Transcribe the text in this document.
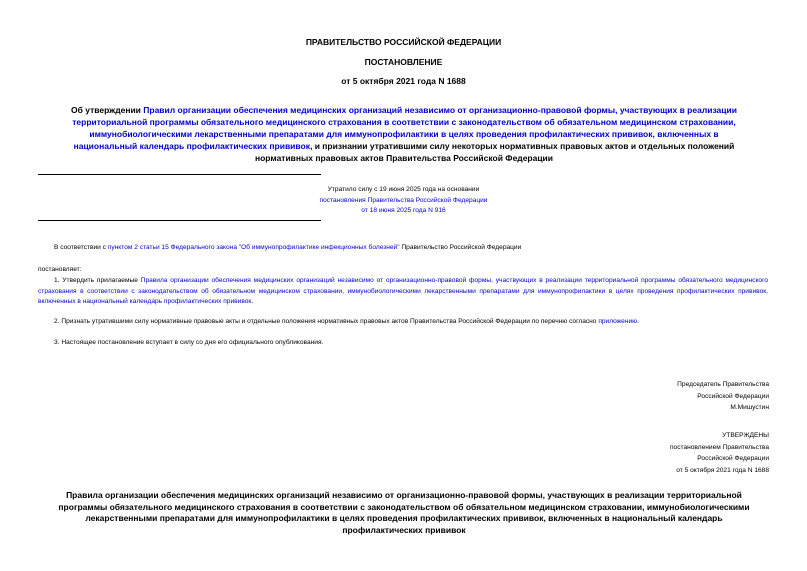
ПРАВИТЕЛЬСТВО РОССИЙСКОЙ ФЕДЕРАЦИИ
ПОСТАНОВЛЕНИЕ
от 5 октября 2021 года N 1688
Об утверждении Правил организации обеспечения медицинских организаций независимо от организационно-правовой формы, участвующих в реализации территориальной программы обязательного медицинского страхования в соответствии с законодательством об обязательном медицинском страховании, иммунобиологическими лекарственными препаратами для иммунопрофилактики в целях проведения профилактических прививок, включенных в национальный календарь профилактических прививок, и признании утратившими силу некоторых нормативных правовых актов и отдельных положений нормативных правовых актов Правительства Российской Федерации
Утратило силу с 19 июня 2025 года на основании
постановления Правительства Российской Федерации
от 18 июня 2025 года N 916
В соответствии с пунктом 2 статьи 15 Федерального закона "Об иммунопрофилактике инфекционных болезней" Правительство Российской Федерации
постановляет:
1. Утвердить прилагаемые Правила организации обеспечения медицинских организаций независимо от организационно-правовой формы, участвующих в реализации территориальной программы обязательного медицинского страхования в соответствии с законодательством об обязательном медицинском страховании, иммунобиологическими лекарственными препаратами для иммунопрофилактики в целях проведения профилактических прививок, включенных в национальный календарь профилактических прививок.
2. Признать утратившими силу нормативные правовые акты и отдельные положения нормативных правовых актов Правительства Российской Федерации по перечню согласно приложению.
3. Настоящее постановление вступает в силу со дня его официального опубликования.
Председатель Правительства
Российской Федерации
М.Мишустин
УТВЕРЖДЕНЫ
постановлением Правительства
Российской Федерации
от 5 октября 2021 года N 1688
Правила организации обеспечения медицинских организаций независимо от организационно-правовой формы, участвующих в реализации территориальной программы обязательного медицинского страхования в соответствии с законодательством об обязательном медицинском страховании, иммунобиологическими лекарственными препаратами для иммунопрофилактики в целях проведения профилактических прививок, включенных в национальный календарь профилактических прививок
